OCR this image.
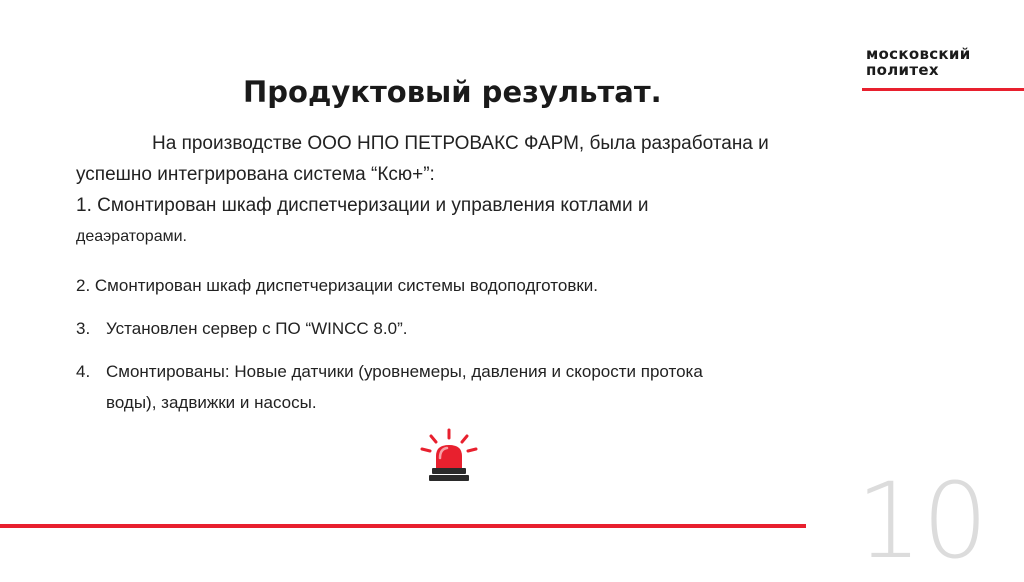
московский
политех
Продуктовый результат.
На производстве ООО НПО ПЕТРОВАКС ФАРМ, была разработана и
успешно интегрирована система “Ксю+”:
1. Смонтирован шкаф диспетчеризации и управления котлами и
деаэраторами.
2. Смонтирован шкаф диспетчеризации системы водоподготовки.
3. Установлен сервер с ПО “WINCC 8.0”.
4. Смонтированы: Новые датчики (уровнемеры, давления и скорости протока
воды), задвижки и насосы.
10
